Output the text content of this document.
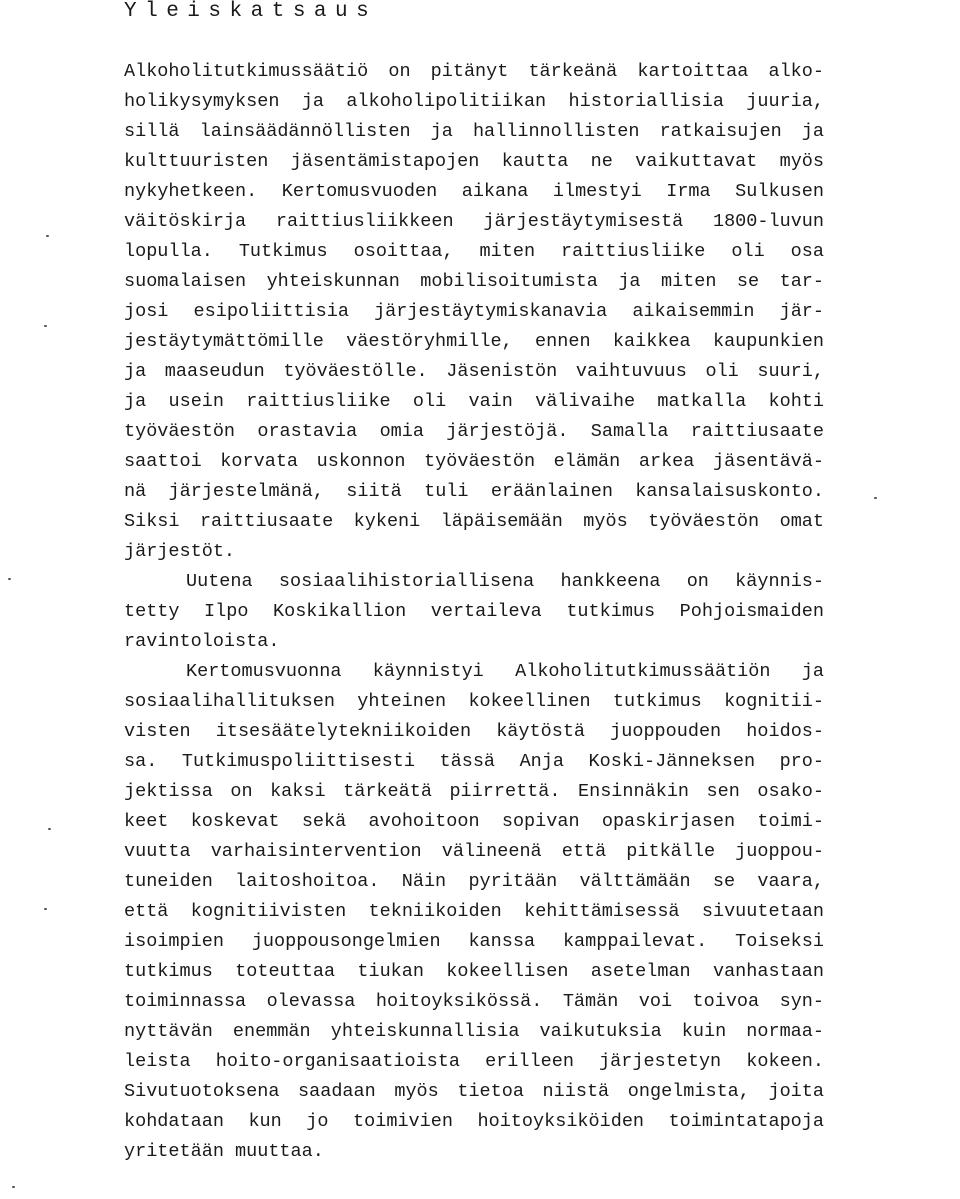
Yleiskatsaus
Alkoholitutkimussäätiö on pitänyt tärkeänä kartoittaa alko-
holikysymyksen ja alkoholipolitiikan historiallisia juuria,
sillä lainsäädännöllisten ja hallinnollisten ratkaisujen ja
kulttuuristen jäsentämistapojen kautta ne vaikuttavat myös
nykyhetkeen. Kertomusvuoden aikana ilmestyi Irma Sulkusen
väitöskirja raittiusliikkeen järjestäytymisestä 1800-luvun
lopulla. Tutkimus osoittaa, miten raittiusliike oli osa
suomalaisen yhteiskunnan mobilisoitumista ja miten se tar-
josi esipoliittisia järjestäytymiskanavia aikaisemmin jär-
jestäytymättömille väestöryhmille, ennen kaikkea kaupunkien
ja maaseudun työväestölle. Jäsenistön vaihtuvuus oli suuri,
ja usein raittiusliike oli vain välivaihe matkalla kohti
työväestön orastavia omia järjestöjä. Samalla raittiusaate
saattoi korvata uskonnon työväestön elämän arkea jäsentävä-
nä järjestelmänä, siitä tuli eräänlainen kansalaisuskonto.
Siksi raittiusaate kykeni läpäisemään myös työväestön omat
järjestöt.
Uutena sosiaalihistoriallisena hankkeena on käynnis-
tetty Ilpo Koskikallion vertaileva tutkimus Pohjoismaiden
ravintoloista.
Kertomusvuonna käynnistyi Alkoholitutkimussäätiön ja
sosiaalihallituksen yhteinen kokeellinen tutkimus kognitii-
visten itsesäätelytekniikoiden käytöstä juoppouden hoidos-
sa. Tutkimuspoliittisesti tässä Anja Koski-Jänneksen pro-
jektissa on kaksi tärkeätä piirrettä. Ensinnäkin sen osako-
keet koskevat sekä avohoitoon sopivan opaskirjasen toimi-
vuutta varhaisintervention välineenä että pitkälle juoppou-
tuneiden laitoshoitoa. Näin pyritään välttämään se vaara,
että kognitiivisten tekniikoiden kehittämisessä sivuutetaan
isoimpien juoppousongelmien kanssa kamppailevat. Toiseksi
tutkimus toteuttaa tiukan kokeellisen asetelman vanhastaan
toiminnassa olevassa hoitoyksikössä. Tämän voi toivoa syn-
nyttävän enemmän yhteiskunnallisia vaikutuksia kuin normaa-
leista hoito-organisaatioista erilleen järjestetyn kokeen.
Sivutuotoksena saadaan myös tietoa niistä ongelmista, joita
kohdataan kun jo toimivien hoitoyksiköiden toimintatapoja
yritetään muuttaa.
